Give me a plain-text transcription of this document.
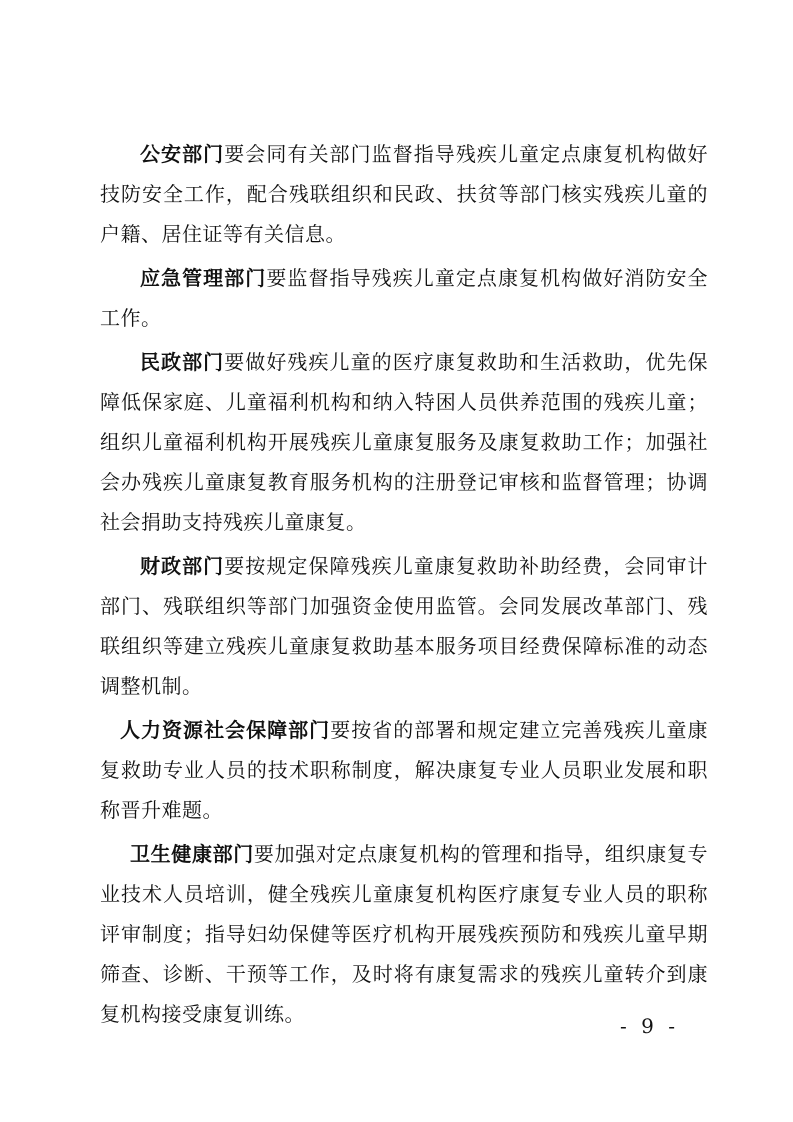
公安部门要会同有关部门监督指导残疾儿童定点康复机构做好技防安全工作，配合残联组织和民政、扶贫等部门核实残疾儿童的户籍、居住证等有关信息。

应急管理部门要监督指导残疾儿童定点康复机构做好消防安全工作。

民政部门要做好残疾儿童的医疗康复救助和生活救助，优先保障低保家庭、儿童福利机构和纳入特困人员供养范围的残疾儿童；组织儿童福利机构开展残疾儿童康复服务及康复救助工作；加强社会办残疾儿童康复教育服务机构的注册登记审核和监督管理；协调社会捐助支持残疾儿童康复。

财政部门要按规定保障残疾儿童康复救助补助经费，会同审计部门、残联组织等部门加强资金使用监管。会同发展改革部门、残联组织等建立残疾儿童康复救助基本服务项目经费保障标准的动态调整机制。

人力资源社会保障部门要按省的部署和规定建立完善残疾儿童康复救助专业人员的技术职称制度，解决康复专业人员职业发展和职称晋升难题。

卫生健康部门要加强对定点康复机构的管理和指导，组织康复专业技术人员培训，健全残疾儿童康复机构医疗康复专业人员的职称评审制度；指导妇幼保健等医疗机构开展残疾预防和残疾儿童早期筛查、诊断、干预等工作，及时将有康复需求的残疾儿童转介到康复机构接受康复训练。	- 9 -
